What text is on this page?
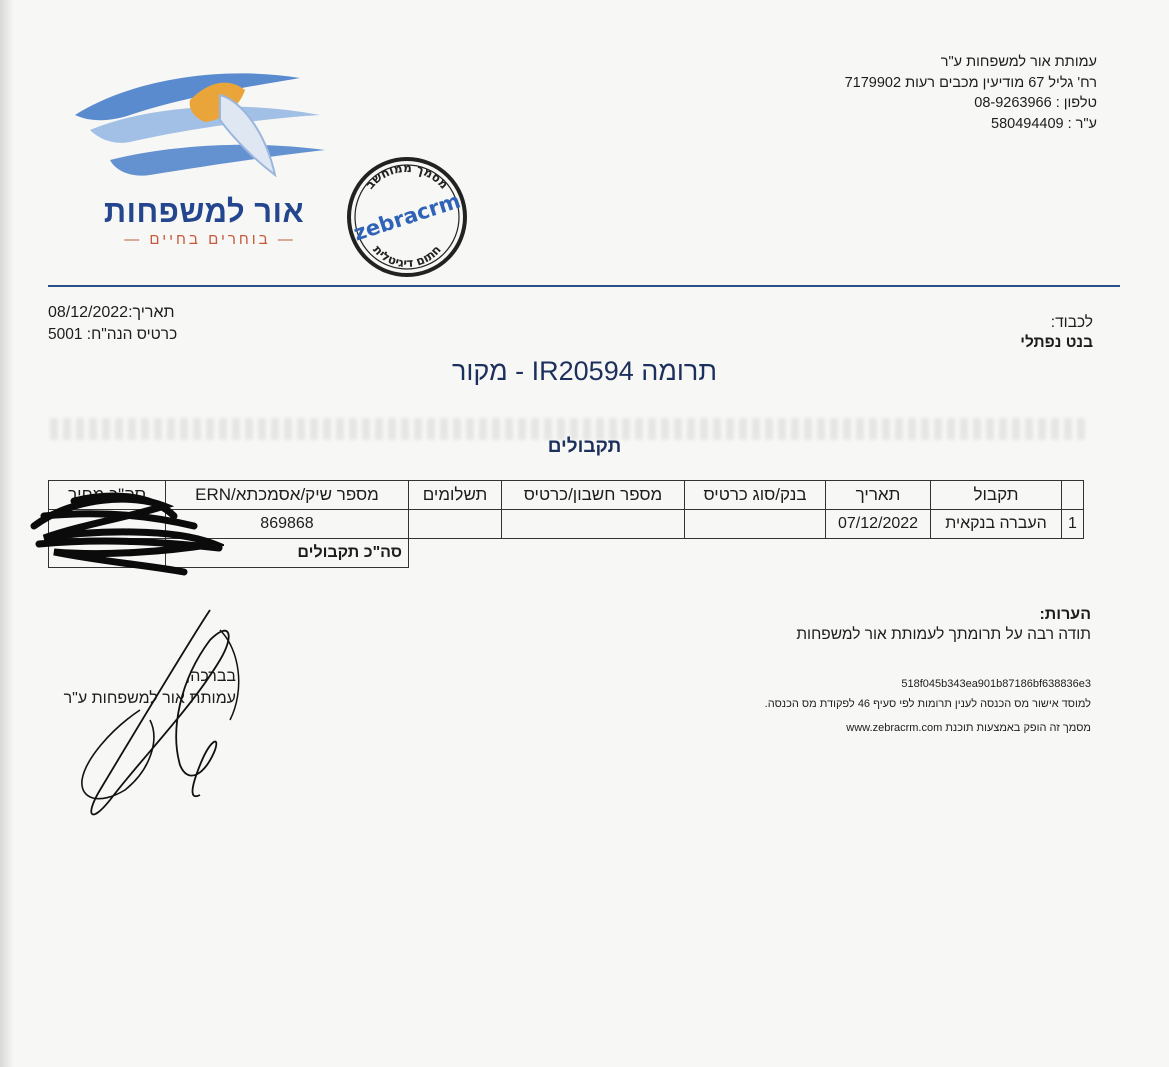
עמותת אור למשפחות ע"ר
רח' גליל 67 מודיעין מכבים רעות 7179902
טלפון : 08-9263966
ע"ר : 580494409
אור למשפחות
— בוחרים בחיים —
מסמך ממוחשב
חתום דיגיטלית
zebracrm
תאריך:08/12/2022
כרטיס הנה"ח: 5001
לכבוד:
בנט נפתלי
תרומה IR20594 - מקור
תקבולים
	תקבול	תאריך	בנק/סוג כרטיס	מספר חשבון/כרטיס	תשלומים	מספר שיק/אסמכתא/ERN	סה"כ מחיר
1	העברה בנקאית	07/12/2022				869868	
						סה"כ תקבולים	
הערות:
תודה רבה על תרומתך לעמותת אור למשפחות
518f045b343ea901b87186bf638836e3
למוסד אישור מס הכנסה לענין תרומות לפי סעיף 46 לפקודת מס הכנסה.
מסמך זה הופק באמצעות תוכנת www.zebracrm.com
בברכה,
עמותת אור למשפחות ע"ר
